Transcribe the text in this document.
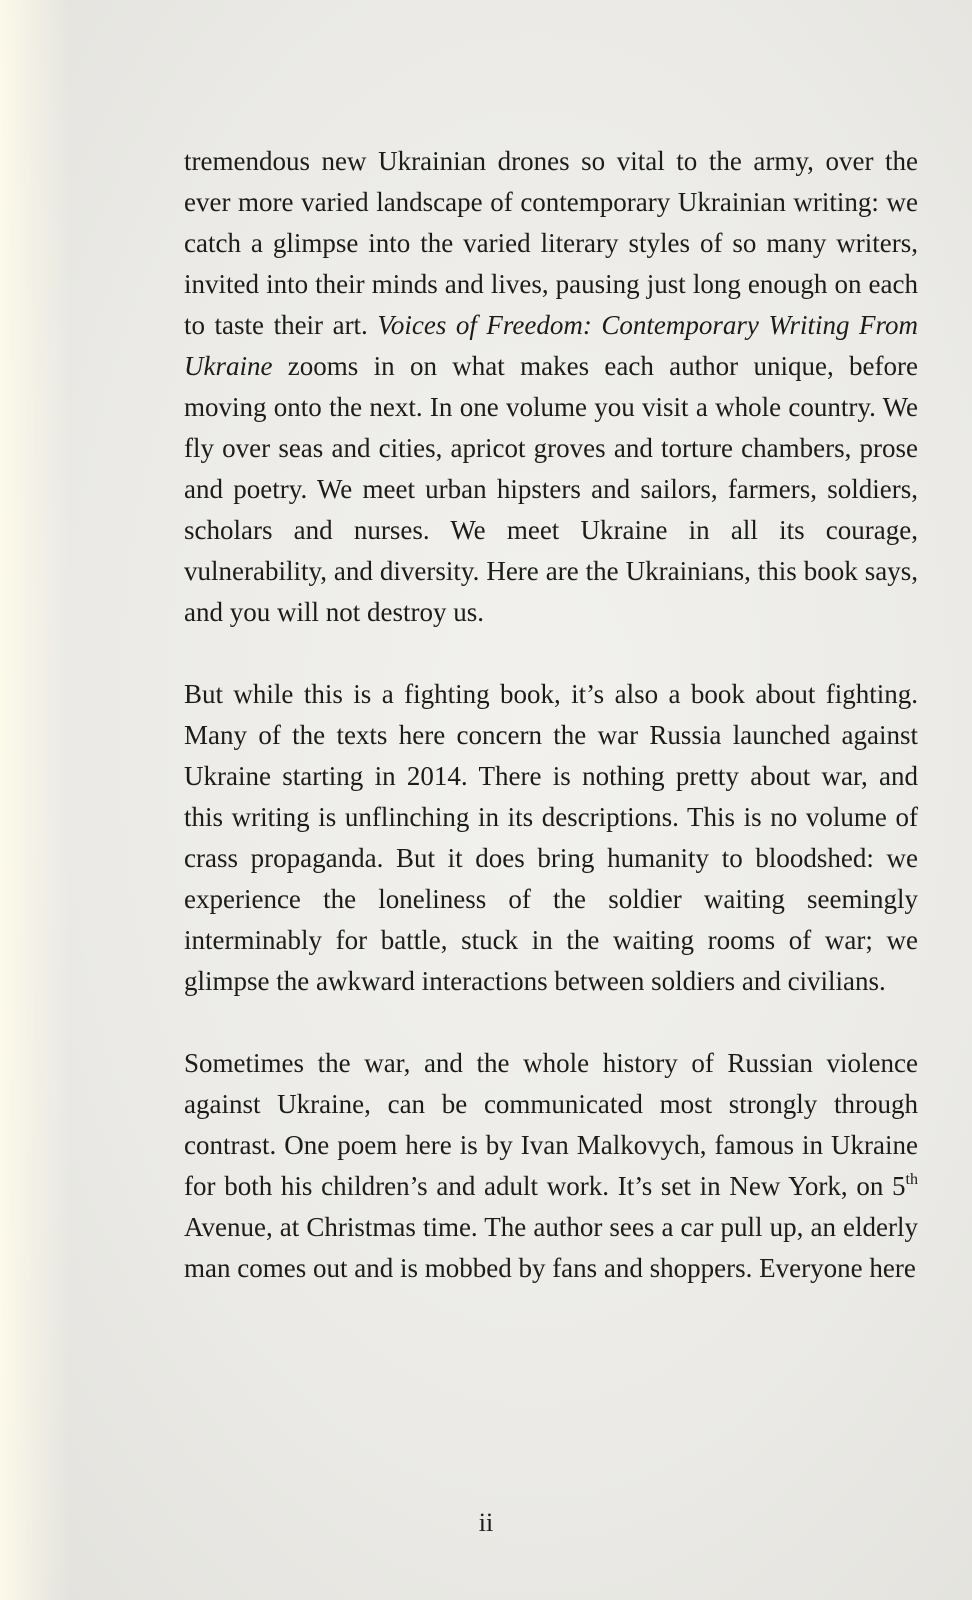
tremendous new Ukrainian drones so vital to the army, over the ever more varied landscape of contemporary Ukrainian writing: we catch a glimpse into the varied literary styles of so many writers, invited into their minds and lives, pausing just long enough on each to taste their art. Voices of Freedom: Contemporary Writing From Ukraine zooms in on what makes each author unique, before moving onto the next. In one volume you visit a whole country. We fly over seas and cities, apricot groves and torture chambers, prose and poetry. We meet urban hipsters and sailors, farmers, soldiers, scholars and nurses. We meet Ukraine in all its courage, vulnerability, and diversity. Here are the Ukrainians, this book says, and you will not destroy us.

But while this is a fighting book, it’s also a book about fighting. Many of the texts here concern the war Russia launched against Ukraine starting in 2014. There is nothing pretty about war, and this writing is unflinching in its descriptions. This is no volume of crass propaganda. But it does bring humanity to bloodshed: we experience the loneliness of the soldier waiting seemingly interminably for battle, stuck in the waiting rooms of war; we glimpse the awkward interactions between soldiers and civilians.

Sometimes the war, and the whole history of Russian violence against Ukraine, can be communicated most strongly through contrast. One poem here is by Ivan Malkovych, famous in Ukraine for both his children’s and adult work. It’s set in New York, on 5th Avenue, at Christmas time. The author sees a car pull up, an elderly man comes out and is mobbed by fans and shoppers. Everyone here

ii
